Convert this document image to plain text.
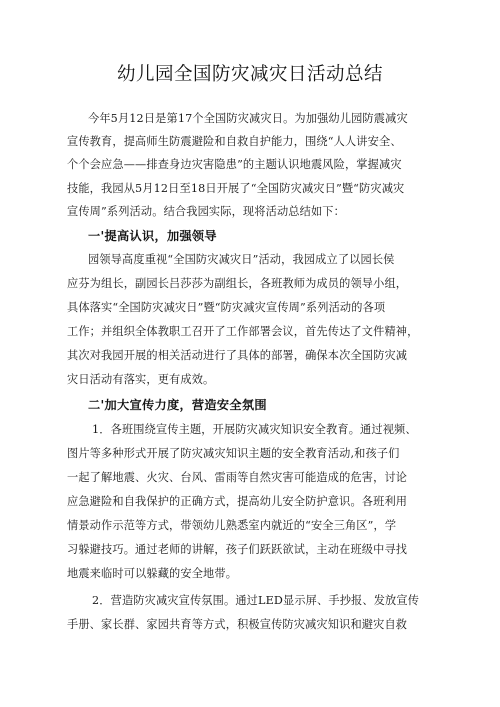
幼儿园全国防灾减灾日活动总结
今年5月12日是第17个全国防灾减灾日。为加强幼儿园防震减灾
宣传教育，提高师生防震避险和自救自护能力，围绕“人人讲安全、
个个会应急——排查身边灾害隐患”的主题认识地震风险，掌握减灾
技能，我园从5月12日至18日开展了“全国防灾减灾日”暨“防灾减灾
宣传周”系列活动。结合我园实际，现将活动总结如下：
一'提高认识，加强领导
园领导高度重视“全国防灾减灾日”活动，我园成立了以园长侯
应芬为组长，副园长吕莎莎为副组长，各班教师为成员的领导小组，
具体落实“全国防灾减灾日”暨“防灾减灾宣传周”系列活动的各项
工作；并组织全体教职工召开了工作部署会议，首先传达了文件精神，
其次对我园开展的相关活动进行了具体的部署，确保本次全国防灾减
灾日活动有落实，更有成效。
二'加大宣传力度，营造安全氛围
1．各班围绕宣传主题，开展防灾减灾知识安全教育。通过视频、
图片等多种形式开展了防灾减灾知识主题的安全教育活动,和孩子们
一起了解地震、火灾、台风、雷雨等自然灾害可能造成的危害，讨论
应急避险和自我保护的正确方式，提高幼儿安全防护意识。各班利用
情景动作示范等方式，带领幼儿熟悉室内就近的“安全三角区”，学
习躲避技巧。通过老师的讲解，孩子们跃跃欲试，主动在班级中寻找
地震来临时可以躲藏的安全地带。
2．营造防灾减灾宣传氛围。通过LED显示屏、手抄报、发放宣传
手册、家长群、家园共育等方式，积极宣传防灾减灾知识和避灾自救
